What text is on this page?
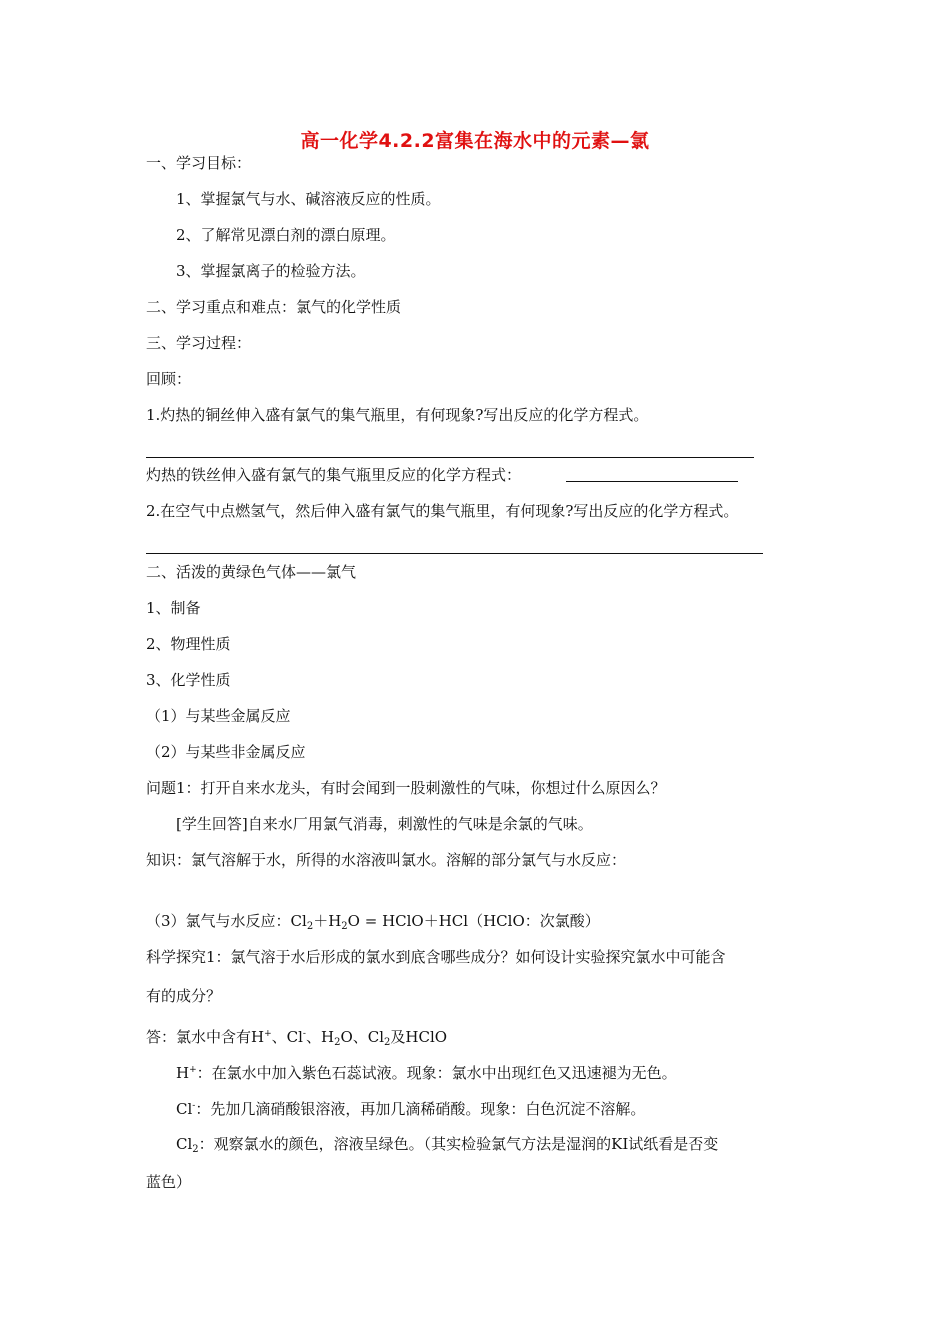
高一化学4.2.2富集在海水中的元素—氯
一、学习目标：
1、掌握氯气与水、碱溶液反应的性质。
2、了解常见漂白剂的漂白原理。
3、掌握氯离子的检验方法。
二、学习重点和难点：氯气的化学性质
三、学习过程：
回顾：
1.灼热的铜丝伸入盛有氯气的集气瓶里，有何现象?写出反应的化学方程式。
灼热的铁丝伸入盛有氯气的集气瓶里反应的化学方程式：
2.在空气中点燃氢气，然后伸入盛有氯气的集气瓶里，有何现象?写出反应的化学方程式。
二、活泼的黄绿色气体——氯气
1、制备
2、物理性质
3、化学性质
（1）与某些金属反应
（2）与某些非金属反应
问题1：打开自来水龙头，有时会闻到一股刺激性的气味，你想过什么原因么？
[学生回答]自来水厂用氯气消毒，刺激性的气味是余氯的气味。
知识：氯气溶解于水，所得的水溶液叫氯水。溶解的部分氯气与水反应：
（3）氯气与水反应：$Cl_2+H_2O$ = HClO＋HCl（HClO：次氯酸）
科学探究1：氯气溶于水后形成的氯水到底含哪些成分？如何设计实验探究氯水中可能含
有的成分？
答：氯水中含有H+、Cl-、$H_2O$、$Cl_2$及HClO
H+：在氯水中加入紫色石蕊试液。现象：氯水中出现红色又迅速褪为无色。
Cl-：先加几滴硝酸银溶液，再加几滴稀硝酸。现象：白色沉淀不溶解。
$Cl_2$：观察氯水的颜色，溶液呈绿色。（其实检验氯气方法是湿润的KI试纸看是否变
蓝色）
